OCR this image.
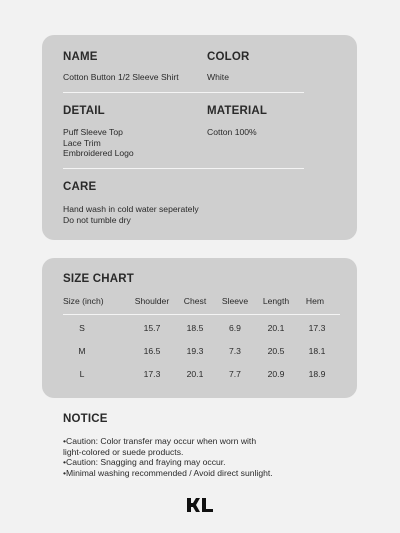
NAME
Cotton Button 1/2 Sleeve Shirt
COLOR
White
DETAIL
Puff Sleeve Top
Lace Trim
Embroidered Logo
MATERIAL
Cotton 100%
CARE
Hand wash in cold water seperately
Do not tumble dry
SIZE CHART
Size (inch)	Shoulder	Chest	Sleeve	Length	Hem
S	15.7	18.5	6.9	20.1	17.3
M	16.5	19.3	7.3	20.5	18.1
L	17.3	20.1	7.7	20.9	18.9
NOTICE
•Caution: Color transfer may occur when worn with
light-colored or suede products.
•Caution: Snagging and fraying may occur.
•Minimal washing recommended / Avoid direct sunlight.
